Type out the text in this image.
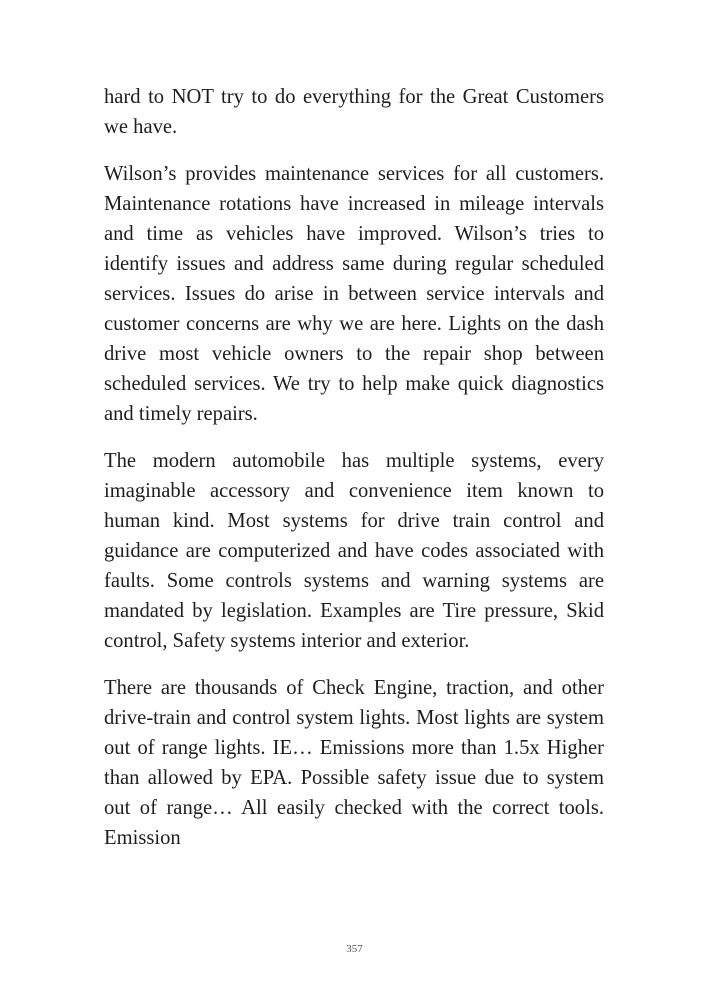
hard to NOT try to do everything for the Great Customers we have.

Wilson’s provides maintenance services for all customers. Maintenance rotations have increased in mileage intervals and time as vehicles have improved. Wilson’s tries to identify issues and address same during regular scheduled services. Issues do arise in between service intervals and customer concerns are why we are here. Lights on the dash drive most vehicle owners to the repair shop between scheduled services. We try to help make quick diagnostics and timely repairs.

The modern automobile has multiple systems, every imaginable accessory and convenience item known to human kind. Most systems for drive train control and guidance are computerized and have codes associated with faults. Some controls systems and warning systems are mandated by legislation. Examples are Tire pressure, Skid control, Safety systems interior and exterior.

There are thousands of Check Engine, traction, and other drive-train and control system lights. Most lights are system out of range lights. IE… Emissions more than 1.5x Higher than allowed by EPA. Possible safety issue due to system out of range… All easily checked with the correct tools. Emission

357
